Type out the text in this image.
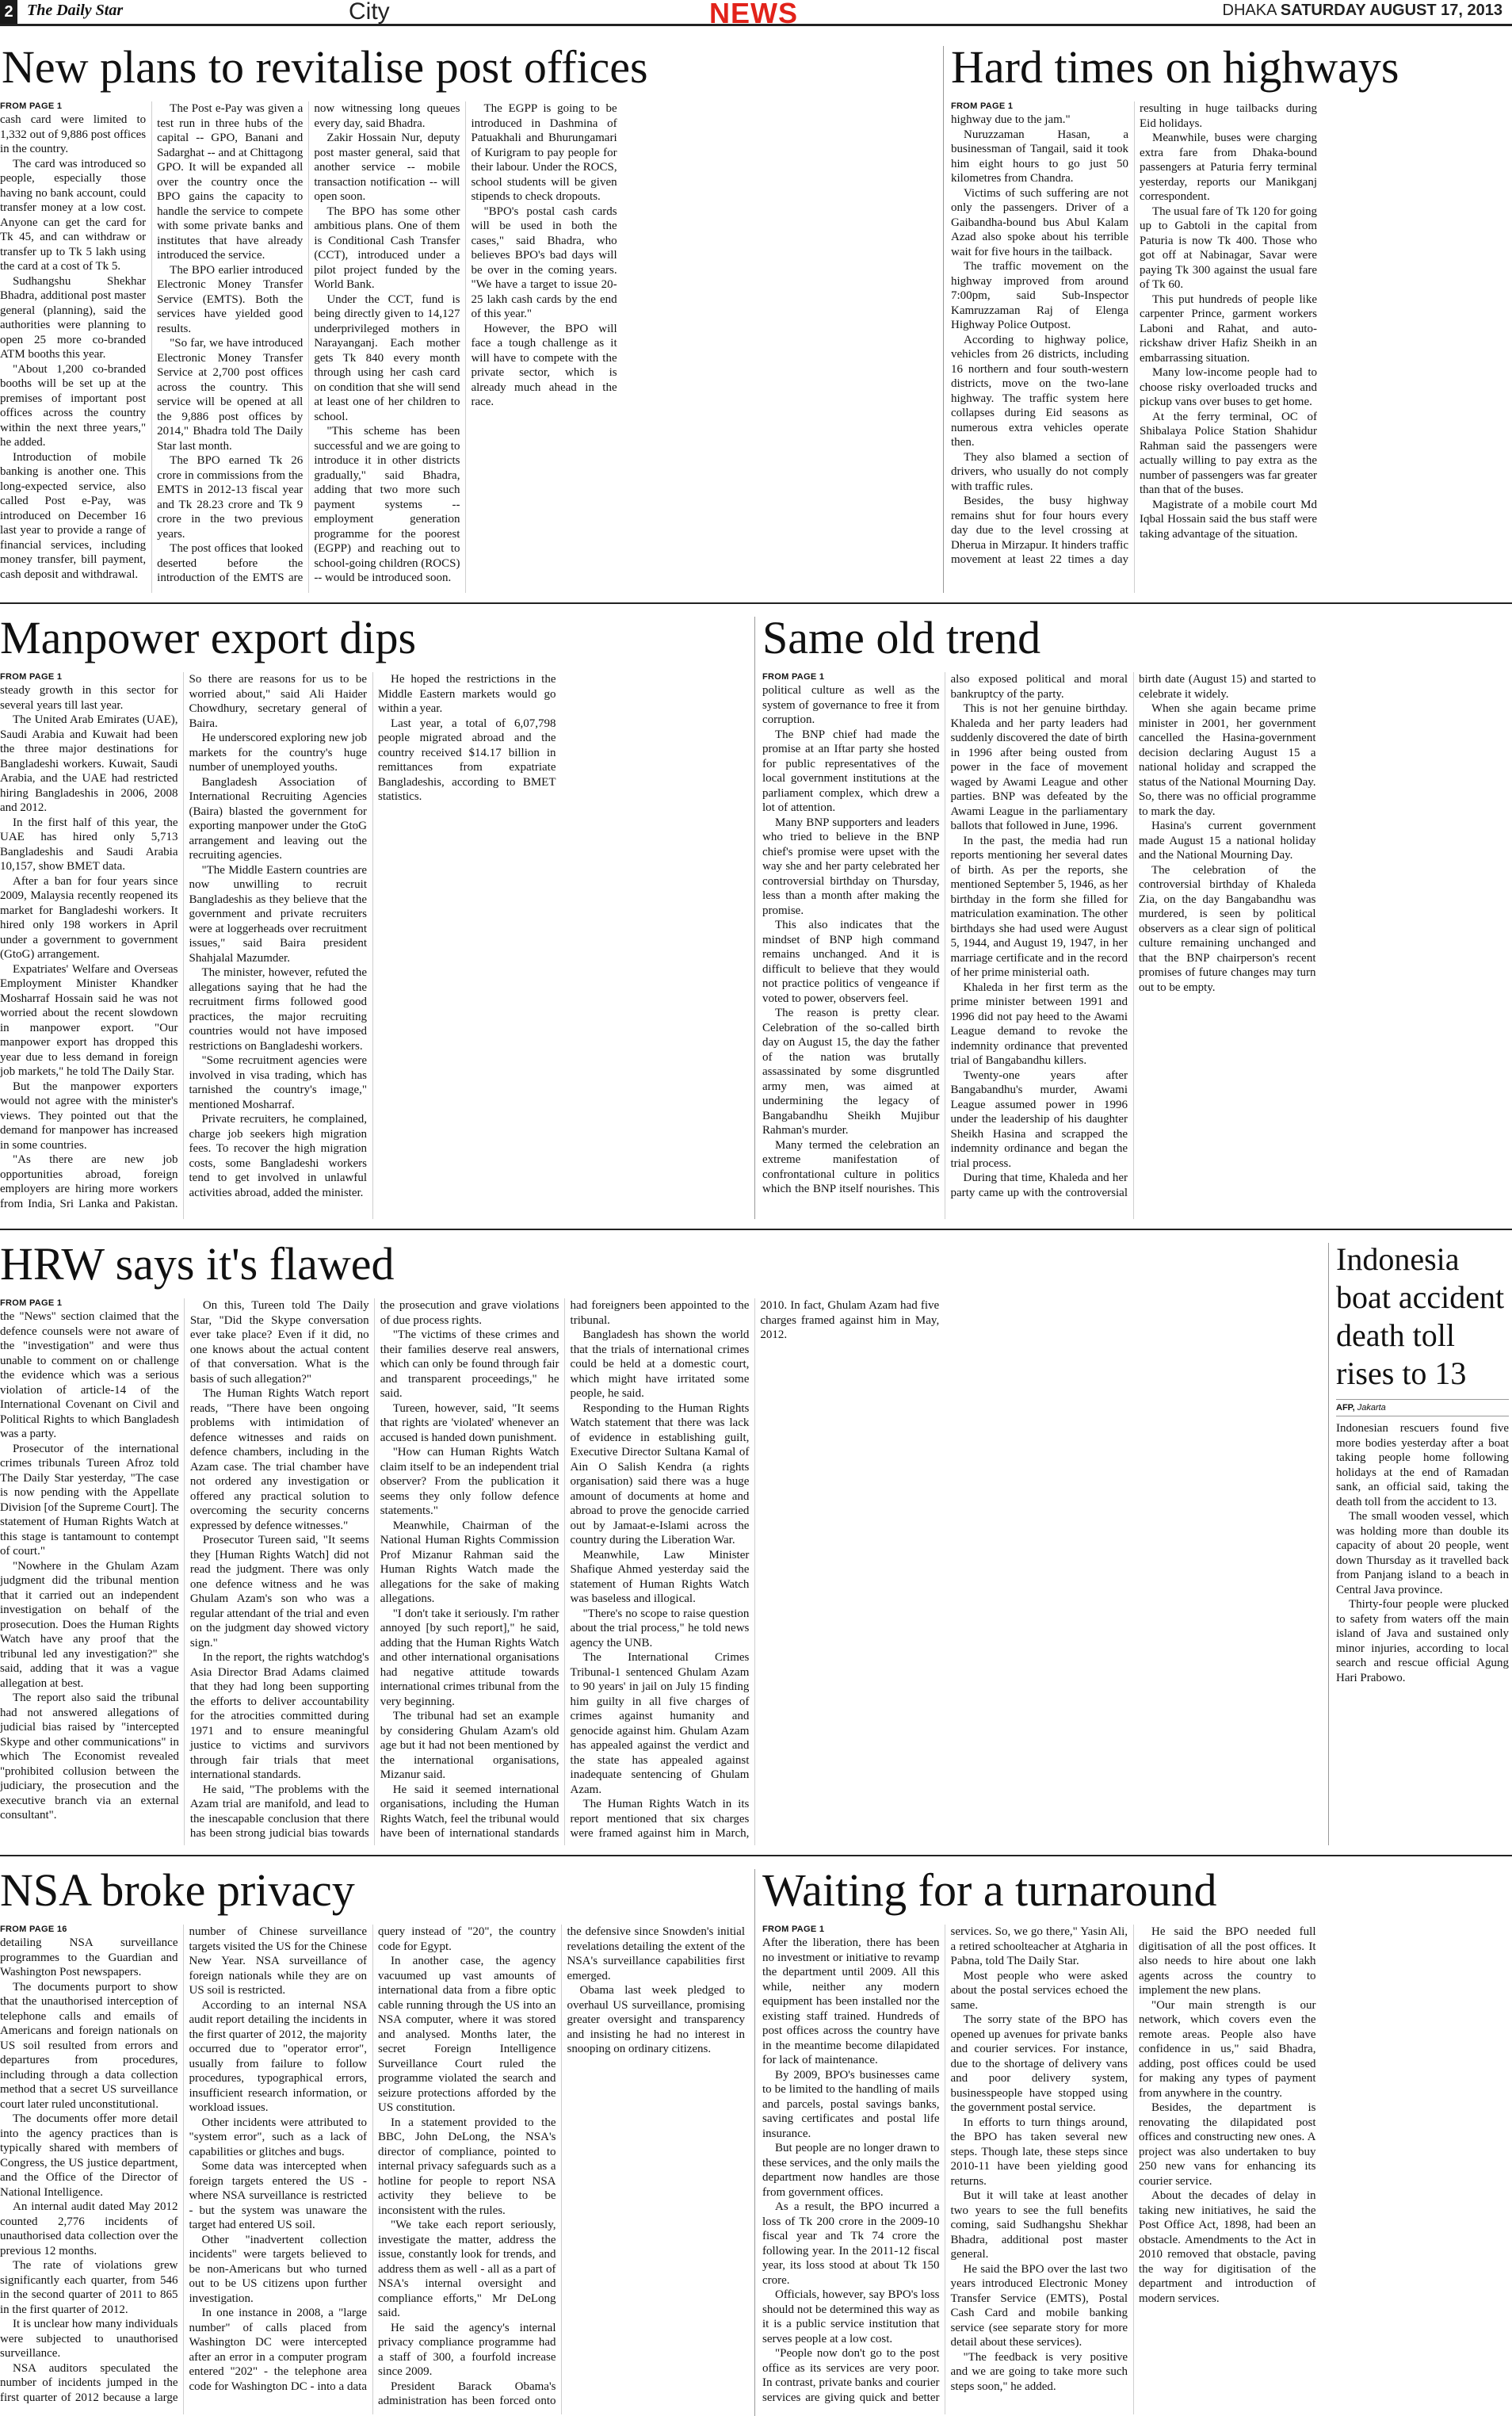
2 The Daily Star	City	NEWS	DHAKA SATURDAY AUGUST 17, 2013
New plans to revitalise post offices
FROM PAGE 1

cash card were limited to 1,332 out of 9,886 post offices in the country.

The card was introduced so people, especially those having no bank account, could transfer money at a low cost. Anyone can get the card for Tk 45, and can withdraw or transfer up to Tk 5 lakh using the card at a cost of Tk 5.

Sudhangshu Shekhar Bhadra, additional post master general (planning), said the authorities were planning to open 25 more co-branded ATM booths this year.

"About 1,200 co-branded booths will be set up at the premises of important post offices across the country within the next three years," he added.

Introduction of mobile banking is another one. This long-expected service, also called Post e-Pay, was introduced on December 16 last year to provide a range of financial services, including money transfer, bill payment, cash deposit and withdrawal.

The Post e-Pay was given a test run in three hubs of the capital -- GPO, Banani and Sadarghat -- and at Chittagong GPO. It will be expanded all over the country once the BPO gains the capacity to handle the service to compete with some private banks and institutes that have already introduced the service.

The BPO earlier introduced Electronic Money Transfer Service (EMTS). Both the services have yielded good results.

"So far, we have introduced Electronic Money Transfer Service at 2,700 post offices across the country. This service will be opened at all the 9,886 post offices by 2014," Bhadra told The Daily Star last month.

The BPO earned Tk 26 crore in commissions from the EMTS in 2012-13 fiscal year and Tk 28.23 crore and Tk 9 crore in the two previous years.

The post offices that looked deserted before the introduction of the EMTS are now witnessing long queues every day, said Bhadra.

Zakir Hossain Nur, deputy post master general, said that another service -- mobile transaction notification -- will open soon.

The BPO has some other ambitious plans. One of them is Conditional Cash Transfer (CCT), introduced under a pilot project funded by the World Bank.

Under the CCT, fund is being directly given to 14,127 underprivileged mothers in Narayanganj. Each mother gets Tk 840 every month through using her cash card on condition that she will send at least one of her children to school.

"This scheme has been successful and we are going to introduce it in other districts gradually," said Bhadra, adding that two more such payment systems -- employment generation programme for the poorest (EGPP) and reaching out to school-going children (ROCS) -- would be introduced soon.

The EGPP is going to be introduced in Dashmina of Patuakhali and Bhurungamari of Kurigram to pay people for their labour. Under the ROCS, school students will be given stipends to check dropouts.

"BPO's postal cash cards will be used in both the cases," said Bhadra, who believes BPO's bad days will be over in the coming years. "We have a target to issue 20-25 lakh cash cards by the end of this year."

However, the BPO will face a tough challenge as it will have to compete with the private sector, which is already much ahead in the race.

Hard times on highways
FROM PAGE 1

highway due to the jam."

Nuruzzaman Hasan, a businessman of Tangail, said it took him eight hours to go just 50 kilometres from Chandra.

Victims of such suffering are not only the passengers. Driver of a Gaibandha-bound bus Abul Kalam Azad also spoke about his terrible wait for five hours in the tailback.

The traffic movement on the highway improved from around 7:00pm, said Sub-Inspector Kamruzzaman Raj of Elenga Highway Police Outpost.

According to highway police, vehicles from 26 districts, including 16 northern and four south-western districts, move on the two-lane highway. The traffic system here collapses during Eid seasons as numerous extra vehicles operate then.

They also blamed a section of drivers, who usually do not comply with traffic rules.

Besides, the busy highway remains shut for four hours every day due to the level crossing at Dherua in Mirzapur. It hinders traffic movement at least 22 times a day resulting in huge tailbacks during Eid holidays.

Meanwhile, buses were charging extra fare from Dhaka-bound passengers at Paturia ferry terminal yesterday, reports our Manikganj correspondent.

The usual fare of Tk 120 for going up to Gabtoli in the capital from Paturia is now Tk 400. Those who got off at Nabinagar, Savar were paying Tk 300 against the usual fare of Tk 60.

This put hundreds of people like carpenter Prince, garment workers Laboni and Rahat, and auto-rickshaw driver Hafiz Sheikh in an embarrassing situation.

Many low-income people had to choose risky overloaded trucks and pickup vans over buses to get home.

At the ferry terminal, OC of Shibalaya Police Station Shahidur Rahman said the passengers were actually willing to pay extra as the number of passengers was far greater than that of the buses.

Magistrate of a mobile court Md Iqbal Hossain said the bus staff were taking advantage of the situation.

Manpower export dips
FROM PAGE 1

steady growth in this sector for several years till last year.

The United Arab Emirates (UAE), Saudi Arabia and Kuwait had been the three major destinations for Bangladeshi workers. Kuwait, Saudi Arabia, and the UAE had restricted hiring Bangladeshis in 2006, 2008 and 2012.

In the first half of this year, the UAE has hired only 5,713 Bangladeshis and Saudi Arabia 10,157, show BMET data.

After a ban for four years since 2009, Malaysia recently reopened its market for Bangladeshi workers. It hired only 198 workers in April under a government to government (GtoG) arrangement.

Expatriates' Welfare and Overseas Employment Minister Khandker Mosharraf Hossain said he was not worried about the recent slowdown in manpower export. "Our manpower export has dropped this year due to less demand in foreign job markets," he told The Daily Star.

But the manpower exporters would not agree with the minister's views. They pointed out that the demand for manpower has increased in some countries.

"As there are new job opportunities abroad, foreign employers are hiring more workers from India, Sri Lanka and Pakistan. So there are reasons for us to be worried about," said Ali Haider Chowdhury, secretary general of Baira.

He underscored exploring new job markets for the country's huge number of unemployed youths.

Bangladesh Association of International Recruiting Agencies (Baira) blasted the government for exporting manpower under the GtoG arrangement and leaving out the recruiting agencies.

"The Middle Eastern countries are now unwilling to recruit Bangladeshis as they believe that the government and private recruiters were at loggerheads over recruitment issues," said Baira president Shahjalal Mazumder.

The minister, however, refuted the allegations saying that he had the recruitment firms followed good practices, the major recruiting countries would not have imposed restrictions on Bangladeshi workers.

"Some recruitment agencies were involved in visa trading, which has tarnished the country's image," mentioned Mosharraf.

Private recruiters, he complained, charge job seekers high migration fees. To recover the high migration costs, some Bangladeshi workers tend to get involved in unlawful activities abroad, added the minister.

He hoped the restrictions in the Middle Eastern markets would go within a year.

Last year, a total of 6,07,798 people migrated abroad and the country received $14.17 billion in remittances from expatriate Bangladeshis, according to BMET statistics.

Same old trend
FROM PAGE 1

political culture as well as the system of governance to free it from corruption.

The BNP chief had made the promise at an Iftar party she hosted for public representatives of the local government institutions at the parliament complex, which drew a lot of attention.

Many BNP supporters and leaders who tried to believe in the BNP chief's promise were upset with the way she and her party celebrated her controversial birthday on Thursday, less than a month after making the promise.

This also indicates that the mindset of BNP high command remains unchanged. And it is difficult to believe that they would not practice politics of vengeance if voted to power, observers feel.

The reason is pretty clear. Celebration of the so-called birth day on August 15, the day the father of the nation was brutally assassinated by some disgruntled army men, was aimed at undermining the legacy of Bangabandhu Sheikh Mujibur Rahman's murder.

Many termed the celebration an extreme manifestation of confrontational culture in politics which the BNP itself nourishes. This also exposed political and moral bankruptcy of the party.

This is not her genuine birthday. Khaleda and her party leaders had suddenly discovered the date of birth in 1996 after being ousted from power in the face of movement waged by Awami League and other parties. BNP was defeated by the Awami League in the parliamentary ballots that followed in June, 1996.

In the past, the media had run reports mentioning her several dates of birth. As per the reports, she mentioned September 5, 1946, as her birthday in the form she filled for matriculation examination. The other birthdays she had used were August 5, 1944, and August 19, 1947, in her marriage certificate and in the record of her prime ministerial oath.

Khaleda in her first term as the prime minister between 1991 and 1996 did not pay heed to the Awami League demand to revoke the indemnity ordinance that prevented trial of Bangabandhu killers.

Twenty-one years after Bangabandhu's murder, Awami League assumed power in 1996 under the leadership of his daughter Sheikh Hasina and scrapped the indemnity ordinance and began the trial process.

During that time, Khaleda and her party came up with the controversial birth date (August 15) and started to celebrate it widely.

When she again became prime minister in 2001, her government cancelled the Hasina-government decision declaring August 15 a national holiday and scrapped the status of the National Mourning Day. So, there was no official programme to mark the day.

Hasina's current government made August 15 a national holiday and the National Mourning Day.

The celebration of the controversial birthday of Khaleda Zia, on the day Bangabandhu was murdered, is seen by political observers as a clear sign of political culture remaining unchanged and that the BNP chairperson's recent promises of future changes may turn out to be empty.

HRW says it's flawed
FROM PAGE 1

the "News" section claimed that the defence counsels were not aware of the "investigation" and were thus unable to comment on or challenge the evidence which was a serious violation of article-14 of the International Covenant on Civil and Political Rights to which Bangladesh was a party.

Prosecutor of the international crimes tribunals Tureen Afroz told The Daily Star yesterday, "The case is now pending with the Appellate Division [of the Supreme Court]. The statement of Human Rights Watch at this stage is tantamount to contempt of court."

"Nowhere in the Ghulam Azam judgment did the tribunal mention that it carried out an independent investigation on behalf of the prosecution. Does the Human Rights Watch have any proof that the tribunal led any investigation?" she said, adding that it was a vague allegation at best.

The report also said the tribunal had not answered allegations of judicial bias raised by "intercepted Skype and other communications" in which The Economist revealed "prohibited collusion between the judiciary, the prosecution and the executive branch via an external consultant".

On this, Tureen told The Daily Star, "Did the Skype conversation ever take place? Even if it did, no one knows about the actual content of that conversation. What is the basis of such allegation?"

The Human Rights Watch report reads, "There have been ongoing problems with intimidation of defence witnesses and raids on defence chambers, including in the Azam case. The trial chamber have not ordered any investigation or offered any practical solution to overcoming the security concerns expressed by defence witnesses."

Prosecutor Tureen said, "It seems they [Human Rights Watch] did not read the judgment. There was only one defence witness and he was Ghulam Azam's son who was a regular attendant of the trial and even on the judgment day showed victory sign."

In the report, the rights watchdog's Asia Director Brad Adams claimed that they had long been supporting the efforts to deliver accountability for the atrocities committed during 1971 and to ensure meaningful justice to victims and survivors through fair trials that meet international standards.

He said, "The problems with the Azam trial are manifold, and lead to the inescapable conclusion that there has been strong judicial bias towards the prosecution and grave violations of due process rights.

"The victims of these crimes and their families deserve real answers, which can only be found through fair and transparent proceedings," he said.

Tureen, however, said, "It seems that rights are 'violated' whenever an accused is handed down punishment.

"How can Human Rights Watch claim itself to be an independent trial observer? From the publication it seems they only follow defence statements."

Meanwhile, Chairman of the National Human Rights Commission Prof Mizanur Rahman said the Human Rights Watch made the allegations for the sake of making allegations.

"I don't take it seriously. I'm rather annoyed [by such report]," he said, adding that the Human Rights Watch and other international organisations had negative attitude towards international crimes tribunal from the very beginning.

The tribunal had set an example by considering Ghulam Azam's old age but it had not been mentioned by the international organisations, Mizanur said.

He said it seemed international organisations, including the Human Rights Watch, feel the tribunal would have been of international standards had foreigners been appointed to the tribunal.

Bangladesh has shown the world that the trials of international crimes could be held at a domestic court, which might have irritated some people, he said.

Responding to the Human Rights Watch statement that there was lack of evidence in establishing guilt, Executive Director Sultana Kamal of Ain O Salish Kendra (a rights organisation) said there was a huge amount of documents at home and abroad to prove the genocide carried out by Jamaat-e-Islami across the country during the Liberation War.

Meanwhile, Law Minister Shafique Ahmed yesterday said the statement of Human Rights Watch was baseless and illogical.

"There's no scope to raise question about the trial process," he told news agency the UNB.

The International Crimes Tribunal-1 sentenced Ghulam Azam to 90 years' in jail on July 15 finding him guilty in all five charges of crimes against humanity and genocide against him. Ghulam Azam has appealed against the verdict and the state has appealed against inadequate sentencing of Ghulam Azam.

The Human Rights Watch in its report mentioned that six charges were framed against him in March, 2010. In fact, Ghulam Azam had five charges framed against him in May, 2012.

Indonesia boat accident death toll rises to 13
AFP, Jakarta

Indonesian rescuers found five more bodies yesterday after a boat taking people home following holidays at the end of Ramadan sank, an official said, taking the death toll from the accident to 13.

The small wooden vessel, which was holding more than double its capacity of about 20 people, went down Thursday as it travelled back from Panjang island to a beach in Central Java province.

Thirty-four people were plucked to safety from waters off the main island of Java and sustained only minor injuries, according to local search and rescue official Agung Hari Prabowo.

NSA broke privacy
FROM PAGE 16

detailing NSA surveillance programmes to the Guardian and Washington Post newspapers.

The documents purport to show that the unauthorised interception of telephone calls and emails of Americans and foreign nationals on US soil resulted from errors and departures from procedures, including through a data collection method that a secret US surveillance court later ruled unconstitutional.

The documents offer more detail into the agency practices than is typically shared with members of Congress, the US justice department, and the Office of the Director of National Intelligence.

An internal audit dated May 2012 counted 2,776 incidents of unauthorised data collection over the previous 12 months.

The rate of violations grew significantly each quarter, from 546 in the second quarter of 2011 to 865 in the first quarter of 2012.

It is unclear how many individuals were subjected to unauthorised surveillance.

NSA auditors speculated the number of incidents jumped in the first quarter of 2012 because a large number of Chinese surveillance targets visited the US for the Chinese New Year. NSA surveillance of foreign nationals while they are on US soil is restricted.

According to an internal NSA audit report detailing the incidents in the first quarter of 2012, the majority occurred due to "operator error", usually from failure to follow procedures, typographical errors, insufficient research information, or workload issues.

Other incidents were attributed to "system error", such as a lack of capabilities or glitches and bugs.

Some data was intercepted when foreign targets entered the US - where NSA surveillance is restricted - but the system was unaware the target had entered US soil.

Other "inadvertent collection incidents" were targets believed to be non-Americans but who turned out to be US citizens upon further investigation.

In one instance in 2008, a "large number" of calls placed from Washington DC were intercepted after an error in a computer program entered "202" - the telephone area code for Washington DC - into a data query instead of "20", the country code for Egypt.

In another case, the agency vacuumed up vast amounts of international data from a fibre optic cable running through the US into an NSA computer, where it was stored and analysed. Months later, the secret Foreign Intelligence Surveillance Court ruled the programme violated the search and seizure protections afforded by the US constitution.

In a statement provided to the BBC, John DeLong, the NSA's director of compliance, pointed to internal privacy safeguards such as a hotline for people to report NSA activity they believe to be inconsistent with the rules.

"We take each report seriously, investigate the matter, address the issue, constantly look for trends, and address them as well - all as a part of NSA's internal oversight and compliance efforts," Mr DeLong said.

He said the agency's internal privacy compliance programme had a staff of 300, a fourfold increase since 2009.

President Barack Obama's administration has been forced onto the defensive since Snowden's initial revelations detailing the extent of the NSA's surveillance capabilities first emerged.

Obama last week pledged to overhaul US surveillance, promising greater oversight and transparency and insisting he had no interest in snooping on ordinary citizens.

Waiting for a turnaround
FROM PAGE 1

After the liberation, there has been no investment or initiative to revamp the department until 2009. All this while, neither any modern equipment has been installed nor the existing staff trained. Hundreds of post offices across the country have in the meantime become dilapidated for lack of maintenance.

By 2009, BPO's businesses came to be limited to the handling of mails and parcels, postal savings banks, saving certificates and postal life insurance.

But people are no longer drawn to these services, and the only mails the department now handles are those from government offices.

As a result, the BPO incurred a loss of Tk 200 crore in the 2009-10 fiscal year and Tk 74 crore the following year. In the 2011-12 fiscal year, its loss stood at about Tk 150 crore.

Officials, however, say BPO's loss should not be determined this way as it is a public service institution that serves people at a low cost.

"People now don't go to the post office as its services are very poor. In contrast, private banks and courier services are giving quick and better services. So, we go there," Yasin Ali, a retired schoolteacher at Atgharia in Pabna, told The Daily Star.

Most people who were asked about the postal services echoed the same.

The sorry state of the BPO has opened up avenues for private banks and courier services. For instance, due to the shortage of delivery vans and poor delivery system, businesspeople have stopped using the government postal service.

In efforts to turn things around, the BPO has taken several new steps. Though late, these steps since 2010-11 have been yielding good returns.

But it will take at least another two years to see the full benefits coming, said Sudhangshu Shekhar Bhadra, additional post master general.

He said the BPO over the last two years introduced Electronic Money Transfer Service (EMTS), Postal Cash Card and mobile banking service (see separate story for more detail about these services).

"The feedback is very positive and we are going to take more such steps soon," he added.

He said the BPO needed full digitisation of all the post offices. It also needs to hire about one lakh agents across the country to implement the new plans.

"Our main strength is our network, which covers even the remote areas. People also have confidence in us," said Bhadra, adding, post offices could be used for making any types of payment from anywhere in the country.

Besides, the department is renovating the dilapidated post offices and constructing new ones. A project was also undertaken to buy 250 new vans for enhancing its courier service.

About the decades of delay in taking new initiatives, he said the Post Office Act, 1898, had been an obstacle. Amendments to the Act in 2010 removed that obstacle, paving the way for digitisation of the department and introduction of modern services.
